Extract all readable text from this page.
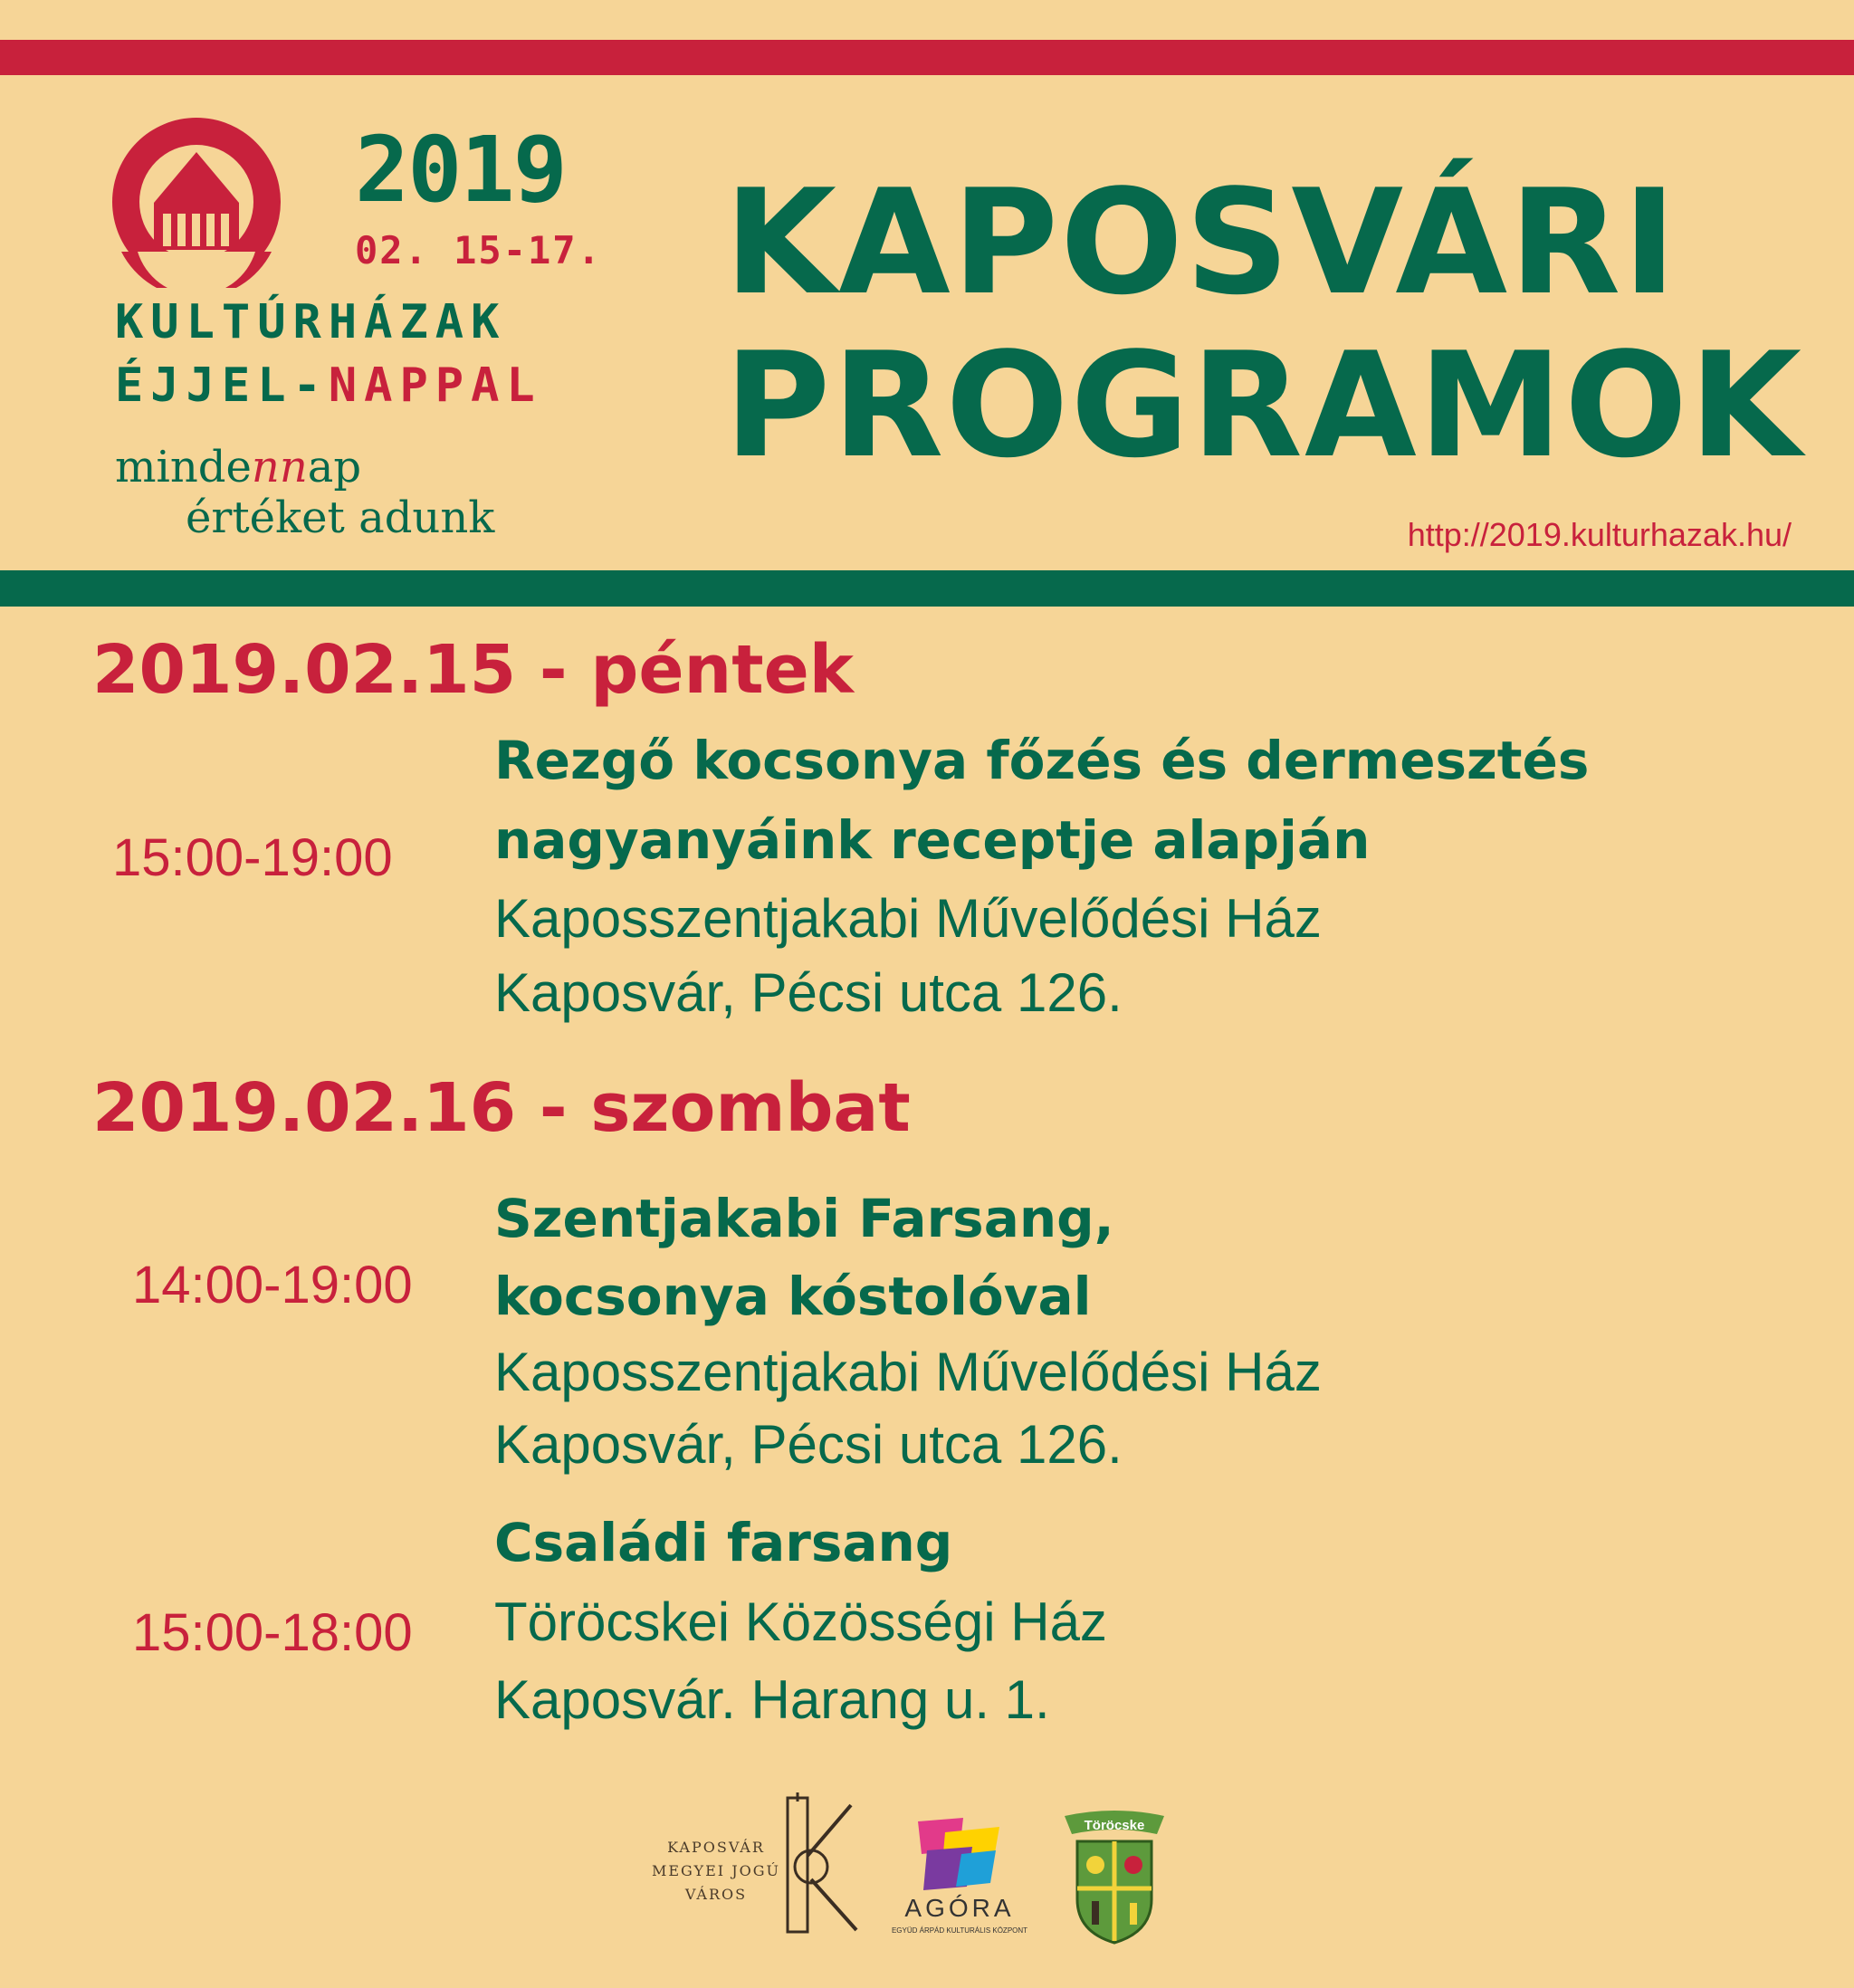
2019
02. 15-17.
KULTÚRHÁZAK
ÉJJEL-NAPPAL
mindennap
értéket adunk
KAPOSVÁRI
PROGRAMOK
http://2019.kulturhazak.hu/
2019.02.15 - péntek
Rezgő kocsonya főzés és dermesztés
nagyanyáink receptje alapján
15:00-19:00
Kaposszentjakabi Művelődési Ház
Kaposvár, Pécsi utca 126.
2019.02.16 - szombat
Szentjakabi Farsang,
kocsonya kóstolóval
14:00-19:00
Kaposszentjakabi Művelődési Ház
Kaposvár, Pécsi utca 126.
Családi farsang
15:00-18:00 Töröcskei Közösségi Ház
Kaposvár. Harang u. 1.
KAPOSVÁR
MEGYEI JOGÚ
VÁROS	AGÓRA
EGYÜD ÁRPÁD KULTURÁLIS KÖZPONT
Töröcske
